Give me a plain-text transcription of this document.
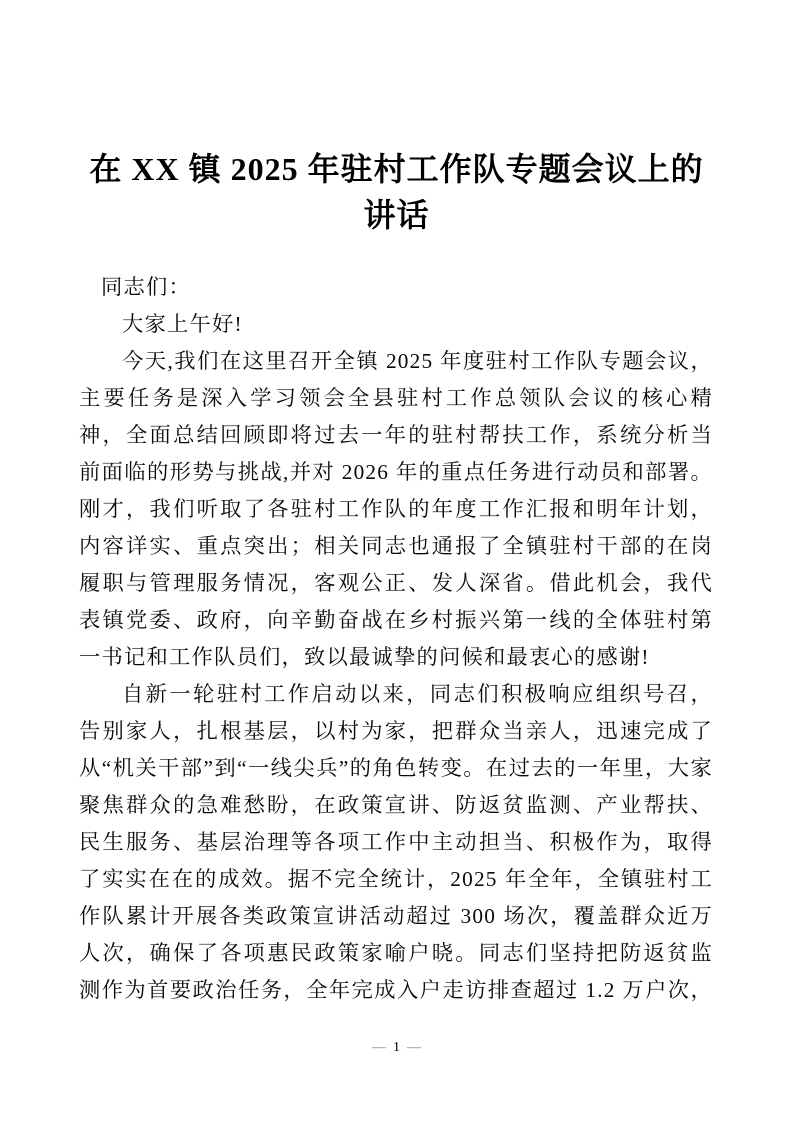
在 XX 镇 2025 年驻村工作队专题会议上的
讲话

同志们：

大家上午好!

今天,我们在这里召开全镇 2025 年度驻村工作队专题会议，

主要任务是深入学习领会全县驻村工作总领队会议的核心精

神，全面总结回顾即将过去一年的驻村帮扶工作，系统分析当

前面临的形势与挑战,并对 2026 年的重点任务进行动员和部署。

刚才，我们听取了各驻村工作队的年度工作汇报和明年计划，

内容详实、重点突出；相关同志也通报了全镇驻村干部的在岗

履职与管理服务情况，客观公正、发人深省。借此机会，我代

表镇党委、政府，向辛勤奋战在乡村振兴第一线的全体驻村第

一书记和工作队员们，致以最诚挚的问候和最衷心的感谢!

自新一轮驻村工作启动以来，同志们积极响应组织号召，

告别家人，扎根基层，以村为家，把群众当亲人，迅速完成了

从“机关干部”到“一线尖兵”的角色转变。在过去的一年里，大家

聚焦群众的急难愁盼，在政策宣讲、防返贫监测、产业帮扶、

民生服务、基层治理等各项工作中主动担当、积极作为，取得

了实实在在的成效。据不完全统计，2025 年全年，全镇驻村工

作队累计开展各类政策宣讲活动超过 300 场次，覆盖群众近万

人次，确保了各项惠民政策家喻户晓。同志们坚持把防返贫监

测作为首要政治任务，全年完成入户走访排查超过 1.2 万户次，

— 1 —
